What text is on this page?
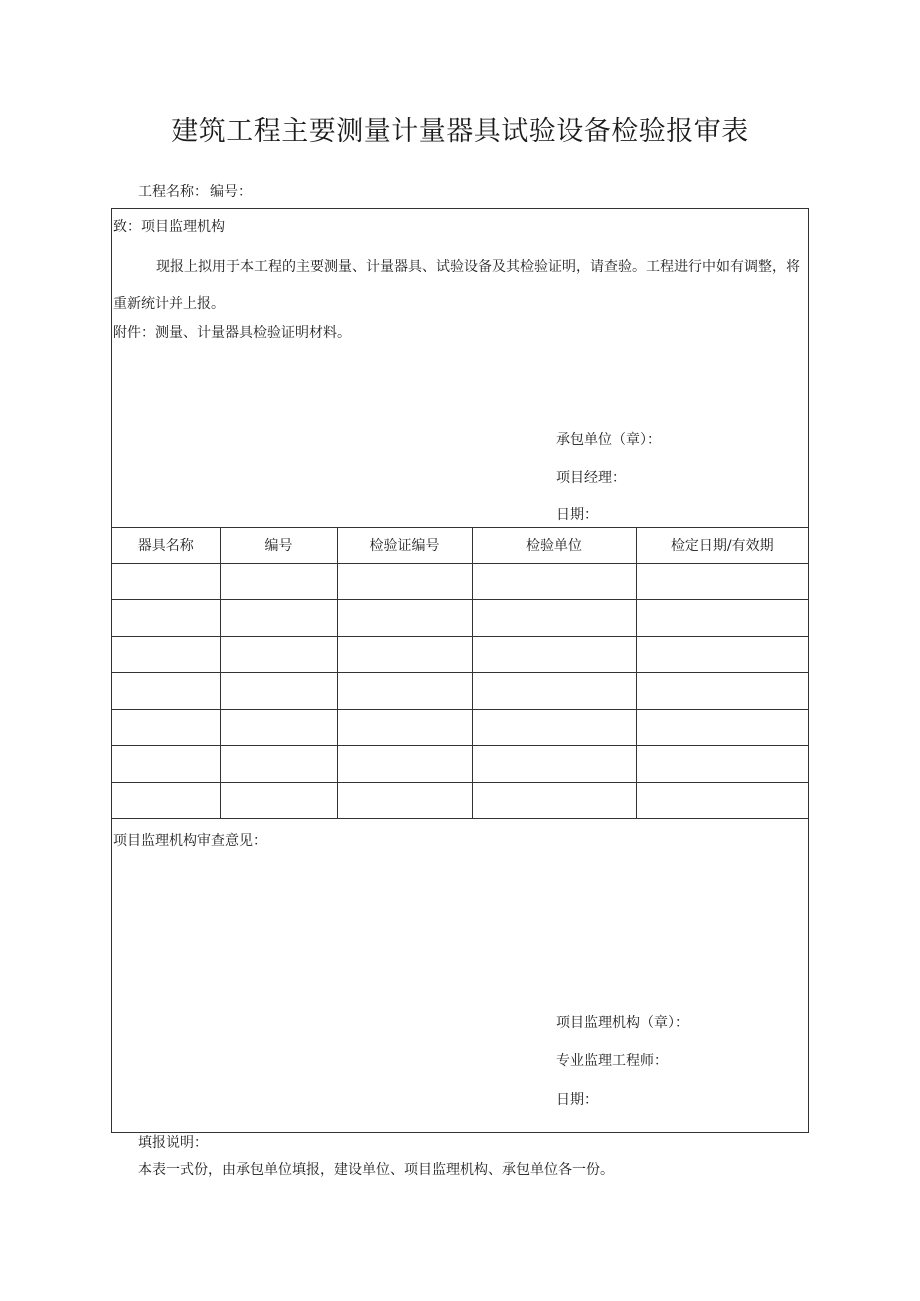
建筑工程主要测量计量器具试验设备检验报审表
工程名称： 编号：
致：项目监理机构
现报上拟用于本工程的主要测量、计量器具、试验设备及其检验证明，请查验。工程进行中如有调整，将重新统计并上报。
附件：测量、计量器具检验证明材料。
承包单位（章）：
项目经理：
日期：
器具名称	编号	检验证编号	检验单位	检定日期/有效期

项目监理机构审查意见：
项目监理机构（章）：
专业监理工程师：
日期：
填报说明：
本表一式份，由承包单位填报，建设单位、项目监理机构、承包单位各一份。
